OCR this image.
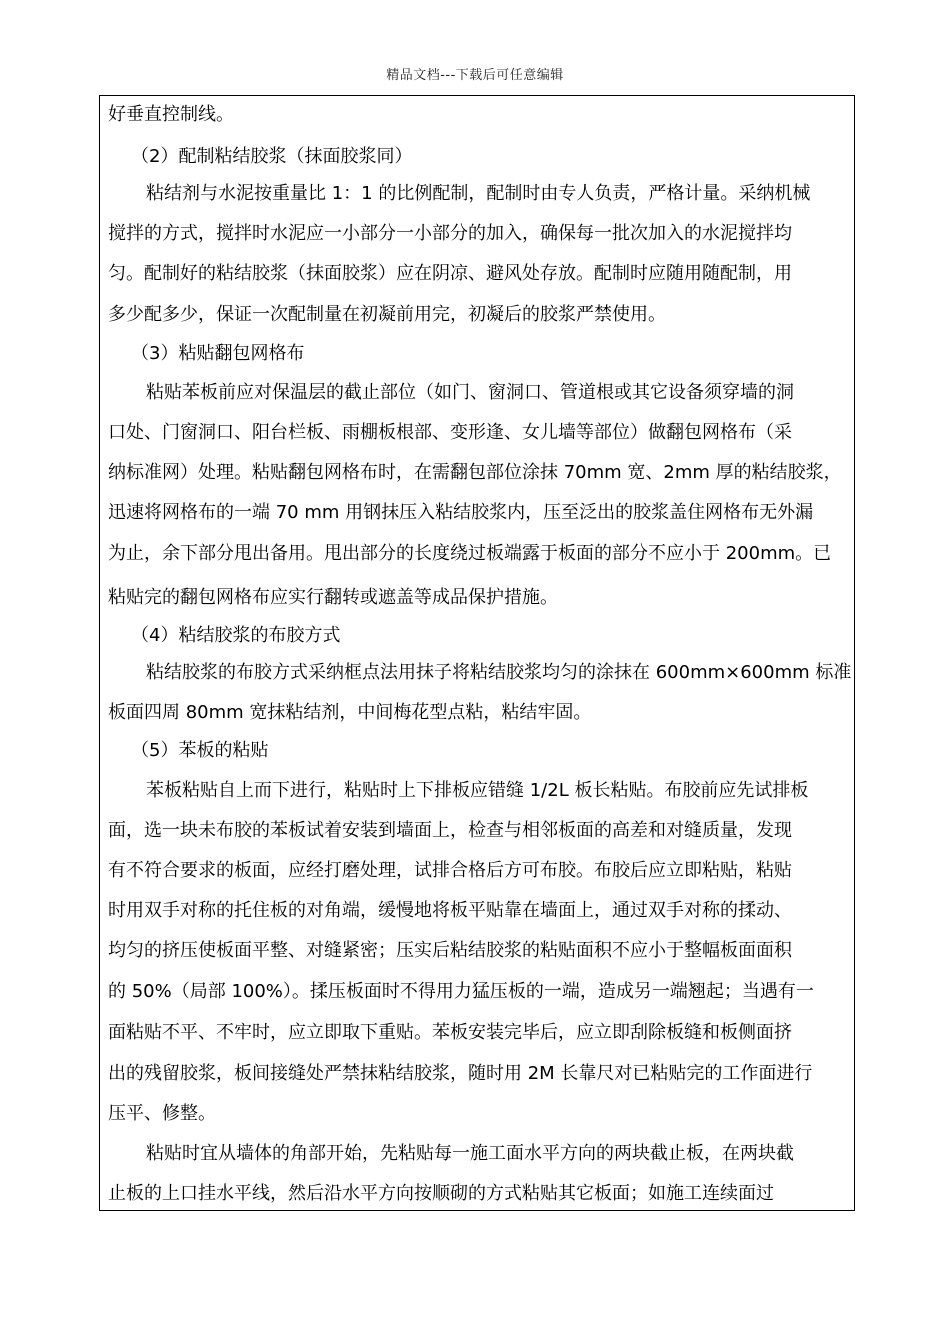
精品文档---下载后可任意编辑
好垂直控制线。
（2）配制粘结胶浆（抹面胶浆同）
粘结剂与水泥按重量比 1：1 的比例配制，配制时由专人负责，严格计量。采纳机械
搅拌的方式，搅拌时水泥应一小部分一小部分的加入，确保每一批次加入的水泥搅拌均
匀。配制好的粘结胶浆（抹面胶浆）应在阴凉、避风处存放。配制时应随用随配制，用
多少配多少，保证一次配制量在初凝前用完，初凝后的胶浆严禁使用。
（3）粘贴翻包网格布
粘贴苯板前应对保温层的截止部位（如门、窗洞口、管道根或其它设备须穿墙的洞
口处、门窗洞口、阳台栏板、雨棚板根部、变形逢、女儿墙等部位）做翻包网格布（采
纳标准网）处理。粘贴翻包网格布时，在需翻包部位涂抹 70mm 宽、2mm 厚的粘结胶浆，
迅速将网格布的一端 70 mm 用钢抹压入粘结胶浆内，压至泛出的胶浆盖住网格布无外漏
为止，余下部分甩出备用。甩出部分的长度绕过板端露于板面的部分不应小于 200mm。已
粘贴完的翻包网格布应实行翻转或遮盖等成品保护措施。
（4）粘结胶浆的布胶方式
粘结胶浆的布胶方式采纳框点法用抹子将粘结胶浆均匀的涂抹在 600mm×600mm 标准
板面四周 80mm 宽抹粘结剂，中间梅花型点粘，粘结牢固。
（5）苯板的粘贴
苯板粘贴自上而下进行，粘贴时上下排板应错缝 1/2L 板长粘贴。布胶前应先试排板
面，选一块未布胶的苯板试着安装到墙面上，检查与相邻板面的高差和对缝质量，发现
有不符合要求的板面，应经打磨处理，试排合格后方可布胶。布胶后应立即粘贴，粘贴
时用双手对称的托住板的对角端，缓慢地将板平贴靠在墙面上，通过双手对称的揉动、
均匀的挤压使板面平整、对缝紧密；压实后粘结胶浆的粘贴面积不应小于整幅板面面积
的 50%（局部 100%）。揉压板面时不得用力猛压板的一端，造成另一端翘起；当遇有一
面粘贴不平、不牢时，应立即取下重贴。苯板安装完毕后，应立即刮除板缝和板侧面挤
出的残留胶浆，板间接缝处严禁抹粘结胶浆，随时用 2M 长靠尺对已粘贴完的工作面进行
压平、修整。
粘贴时宜从墙体的角部开始，先粘贴每一施工面水平方向的两块截止板，在两块截
止板的上口挂水平线，然后沿水平方向按顺砌的方式粘贴其它板面；如施工连续面过
